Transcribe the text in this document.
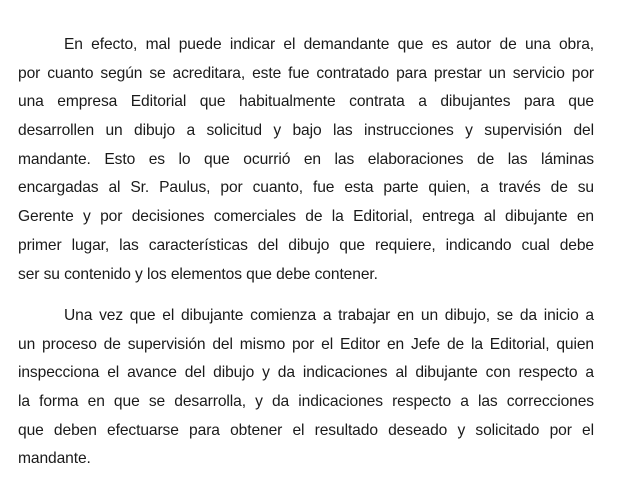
En efecto, mal puede indicar el demandante que es autor de una obra,
por cuanto según se acreditara, este fue contratado para prestar un servicio por
una empresa Editorial que habitualmente contrata a dibujantes para que
desarrollen un dibujo a solicitud y bajo las instrucciones y supervisión del
mandante. Esto es lo que ocurrió en las elaboraciones de las láminas
encargadas al Sr. Paulus, por cuanto, fue esta parte quien, a través de su
Gerente y por decisiones comerciales de la Editorial, entrega al dibujante en
primer lugar, las características del dibujo que requiere, indicando cual debe
ser su contenido y los elementos que debe contener.
Una vez que el dibujante comienza a trabajar en un dibujo, se da inicio a
un proceso de supervisión del mismo por el Editor en Jefe de la Editorial, quien
inspecciona el avance del dibujo y da indicaciones al dibujante con respecto a
la forma en que se desarrolla, y da indicaciones respecto a las correcciones
que deben efectuarse para obtener el resultado deseado y solicitado por el
mandante.
